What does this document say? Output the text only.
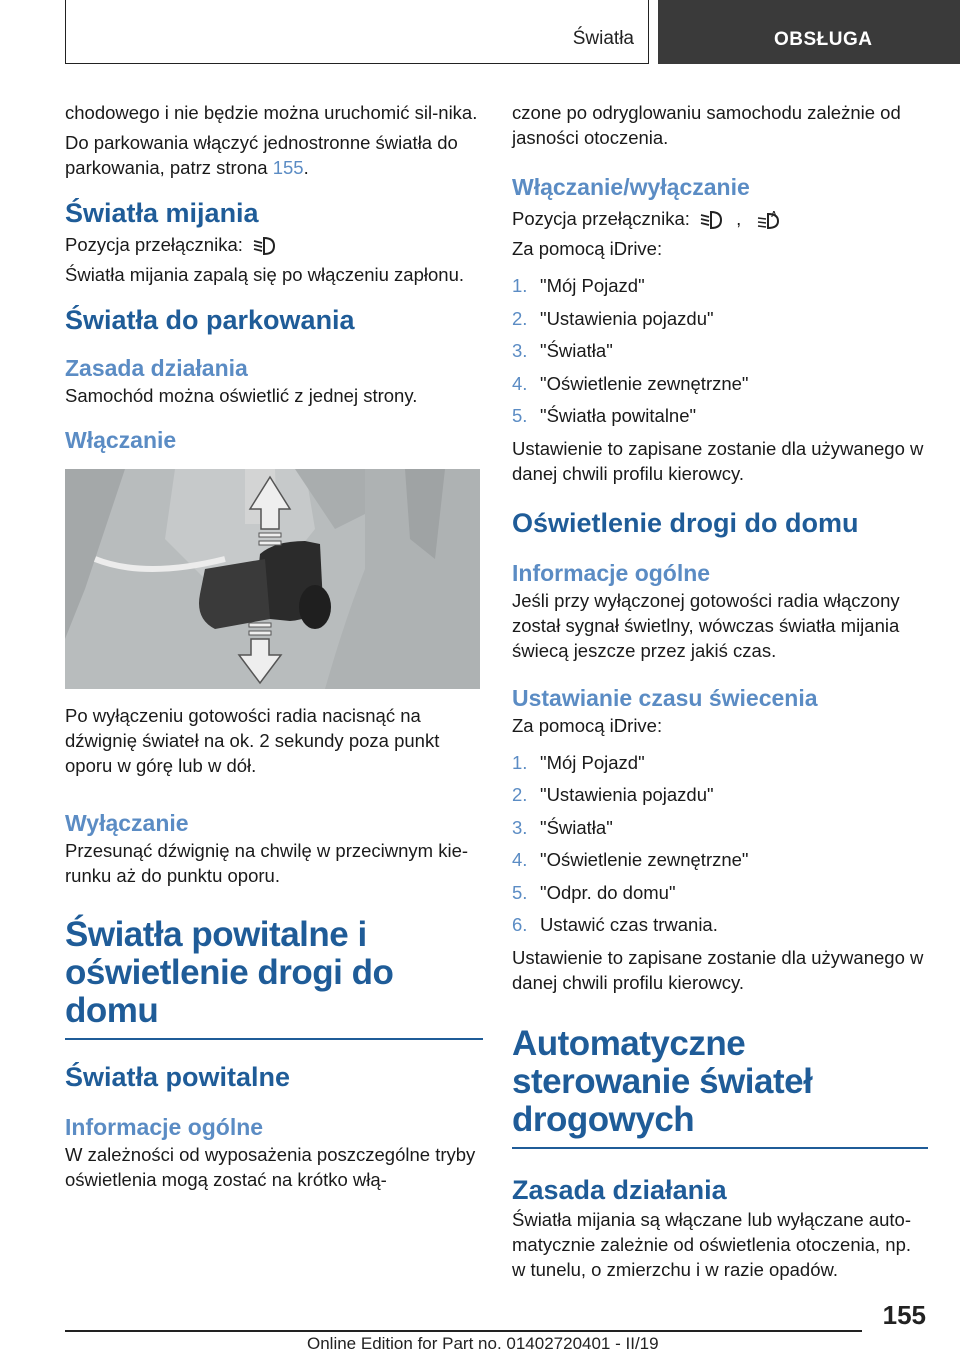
Światła	OBSŁUGA

chodowego i nie będzie można uruchomić sil-nika.

Do parkowania włączyć jednostronne światła do parkowania, patrz strona 155.

Światła mijania

Pozycja przełącznika:

Światła mijania zapalą się po włączeniu zapłonu.

Światła do parkowania
Zasada działania

Samochód można oświetlić z jednej strony.

Włączanie

Po wyłączeniu gotowości radia nacisnąć na dźwignię świateł na ok. 2 sekundy poza punkt oporu w górę lub w dół.

Wyłączanie

Przesunąć dźwignię na chwilę w przeciwnym kie-runku aż do punktu oporu.

Światła powitalne i oświetlenie drogi do domu
Światła powitalne
Informacje ogólne

W zależności od wyposażenia poszczególne tryby oświetlenia mogą zostać na krótko włą-

czone po odryglowaniu samochodu zależnie od jasności otoczenia.

Włączanie/wyłączanie

Pozycja przełącznika:	,	A

Za pomocą iDrive:

1. "Mój Pojazd"
2. "Ustawienia pojazdu"
3. "Światła"
4. "Oświetlenie zewnętrzne"
5. "Światła powitalne"

Ustawienie to zapisane zostanie dla używanego w danej chwili profilu kierowcy.

Oświetlenie drogi do domu
Informacje ogólne

Jeśli przy wyłączonej gotowości radia włączony został sygnał świetlny, wówczas światła mijania świecą jeszcze przez jakiś czas.

Ustawianie czasu świecenia

Za pomocą iDrive:

1. "Mój Pojazd"
2. "Ustawienia pojazdu"
3. "Światła"
4. "Oświetlenie zewnętrzne"
5. "Odpr. do domu"
6. Ustawić czas trwania.

Ustawienie to zapisane zostanie dla używanego w danej chwili profilu kierowcy.

Automatyczne sterowanie świateł drogowych
Zasada działania

Światła mijania są włączane lub wyłączane auto-matycznie zależnie od oświetlenia otoczenia, np. w tunelu, o zmierzchu i w razie opadów.

155
Online Edition for Part no. 01402720401 - II/19
